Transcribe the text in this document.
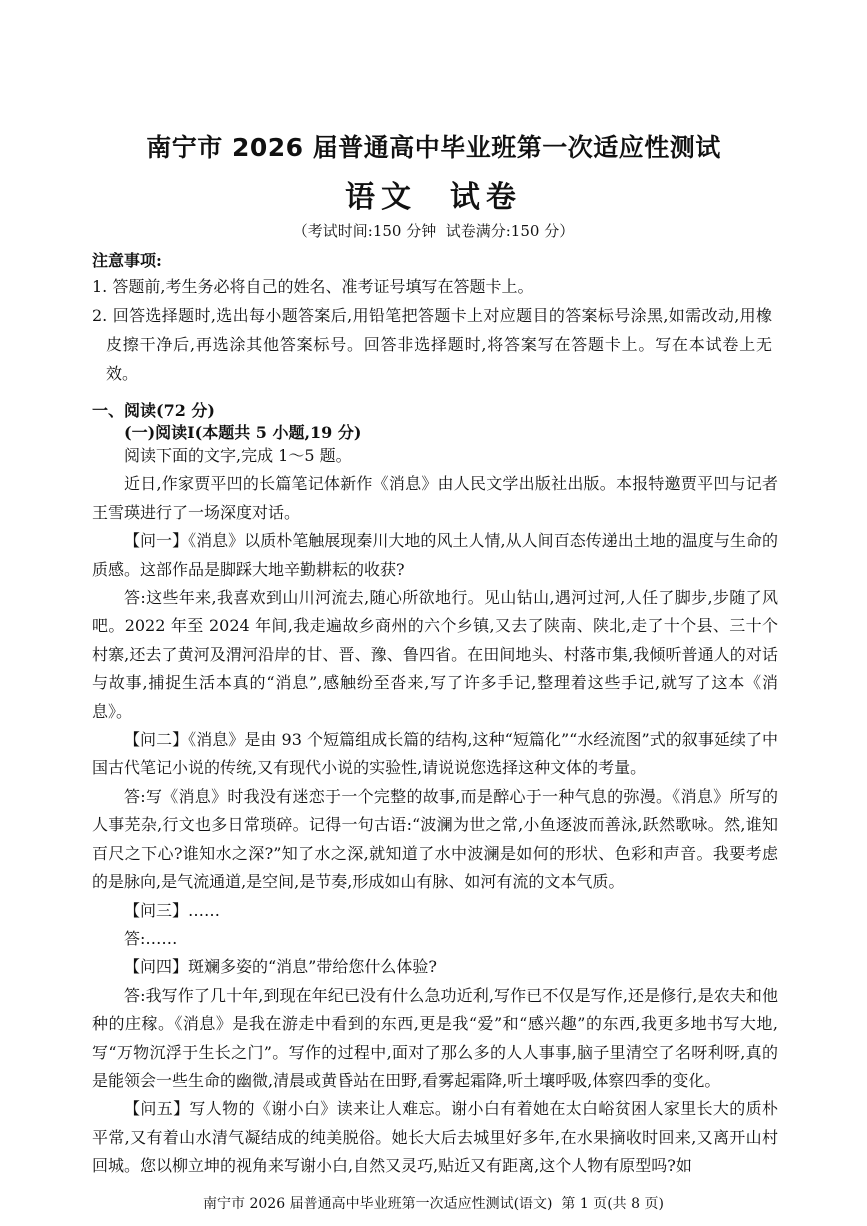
南宁市 2026 届普通高中毕业班第一次适应性测试
语文  试卷
（考试时间:150 分钟  试卷满分:150 分）
注意事项:

1. 答题前,考生务必将自己的姓名、准考证号填写在答题卡上。

2. 回答选择题时,选出每小题答案后,用铅笔把答题卡上对应题目的答案标号涂黑,如需改动,用橡皮擦干净后,再选涂其他答案标号。回答非选择题时,将答案写在答题卡上。写在本试卷上无效。

一、阅读(72 分)
(一)阅读Ⅰ(本题共 5 小题,19 分)

阅读下面的文字,完成 1～5 题。

近日,作家贾平凹的长篇笔记体新作《消息》由人民文学出版社出版。本报特邀贾平凹与记者王雪瑛进行了一场深度对话。

【问一】《消息》以质朴笔触展现秦川大地的风土人情,从人间百态传递出土地的温度与生命的质感。这部作品是脚踩大地辛勤耕耘的收获?

答:这些年来,我喜欢到山川河流去,随心所欲地行。见山钻山,遇河过河,人任了脚步,步随了风吧。2022 年至 2024 年间,我走遍故乡商州的六个乡镇,又去了陕南、陕北,走了十个县、三十个村寨,还去了黄河及渭河沿岸的甘、晋、豫、鲁四省。在田间地头、村落市集,我倾听普通人的对话与故事,捕捉生活本真的“消息”,感触纷至沓来,写了许多手记,整理着这些手记,就写了这本《消息》。

【问二】《消息》是由 93 个短篇组成长篇的结构,这种“短篇化”“水经流图”式的叙事延续了中国古代笔记小说的传统,又有现代小说的实验性,请说说您选择这种文体的考量。

答:写《消息》时我没有迷恋于一个完整的故事,而是醉心于一种气息的弥漫。《消息》所写的人事芜杂,行文也多日常琐碎。记得一句古语:“波澜为世之常,小鱼逐波而善泳,跃然歌咏。然,谁知百尺之下心?谁知水之深?”知了水之深,就知道了水中波澜是如何的形状、色彩和声音。我要考虑的是脉向,是气流通道,是空间,是节奏,形成如山有脉、如河有流的文本气质。

【问三】……

答:……

【问四】斑斓多姿的“消息”带给您什么体验?

答:我写作了几十年,到现在年纪已没有什么急功近利,写作已不仅是写作,还是修行,是农夫和他种的庄稼。《消息》是我在游走中看到的东西,更是我“爱”和“感兴趣”的东西,我更多地书写大地,写“万物沉浮于生长之门”。写作的过程中,面对了那么多的人人事事,脑子里清空了名呀利呀,真的是能领会一些生命的幽微,清晨或黄昏站在田野,看雾起霜降,听土壤呼吸,体察四季的变化。

【问五】写人物的《谢小白》读来让人难忘。谢小白有着她在太白峪贫困人家里长大的质朴平常,又有着山水清气凝结成的纯美脱俗。她长大后去城里好多年,在水果摘收时回来,又离开山村回城。您以柳立坤的视角来写谢小白,自然又灵巧,贴近又有距离,这个人物有原型吗?如

南宁市 2026 届普通高中毕业班第一次适应性测试(语文)  第 1 页(共 8 页)
